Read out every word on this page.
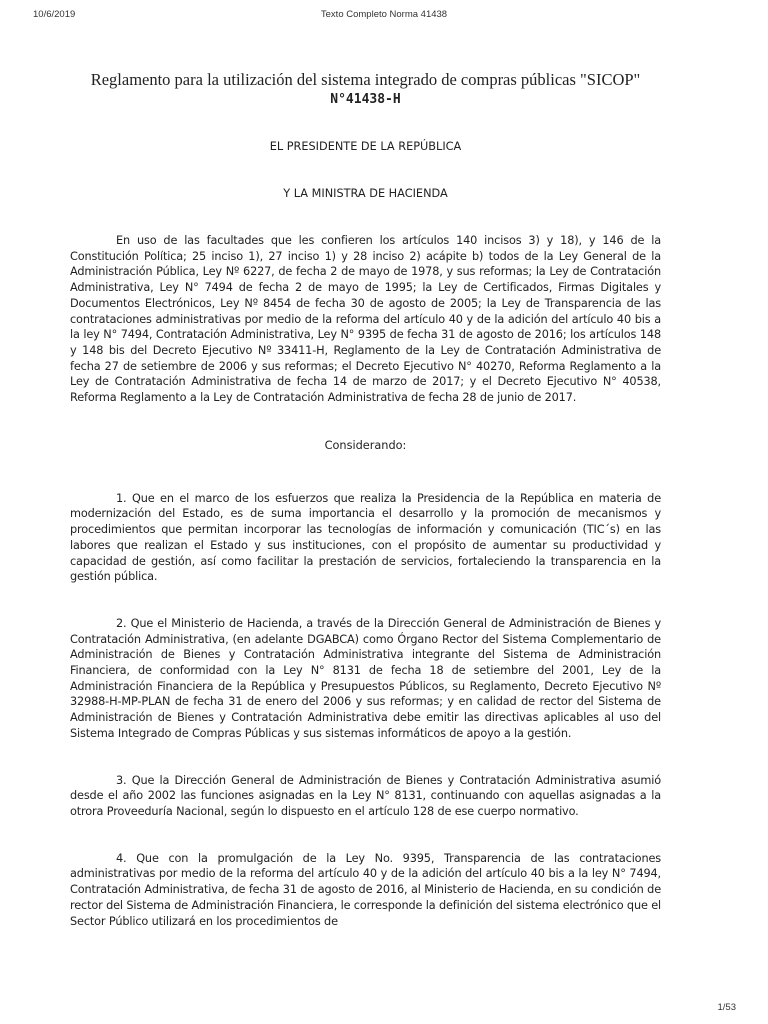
10/6/2019	Texto Completo Norma 41438
Reglamento para la utilización del sistema integrado de compras públicas "SICOP"
N°41438-H

EL PRESIDENTE DE LA REPÚBLICA

Y LA MINISTRA DE HACIENDA

En uso de las facultades que les confieren los artículos 140 incisos 3) y 18), y 146 de la Constitución Política; 25 inciso 1), 27 inciso 1) y 28 inciso 2) acápite b) todos de la Ley General de la Administración Pública, Ley Nº 6227, de fecha 2 de mayo de 1978, y sus reformas; la Ley de Contratación Administrativa, Ley N° 7494 de fecha 2 de mayo de 1995; la Ley de Certificados, Firmas Digitales y Documentos Electrónicos, Ley Nº 8454 de fecha 30 de agosto de 2005; la Ley de Transparencia de las contrataciones administrativas por medio de la reforma del artículo 40 y de la adición del artículo 40 bis a la ley N° 7494, Contratación Administrativa, Ley N° 9395 de fecha 31 de agosto de 2016; los artículos 148 y 148 bis del Decreto Ejecutivo Nº 33411-H, Reglamento de la Ley de Contratación Administrativa de fecha 27 de setiembre de 2006 y sus reformas; el Decreto Ejecutivo N° 40270, Reforma Reglamento a la Ley de Contratación Administrativa de fecha 14 de marzo de 2017; y el Decreto Ejecutivo N° 40538, Reforma Reglamento a la Ley de Contratación Administrativa de fecha 28 de junio de 2017.

Considerando:

1. Que en el marco de los esfuerzos que realiza la Presidencia de la República en materia de modernización del Estado, es de suma importancia el desarrollo y la promoción de mecanismos y procedimientos que permitan incorporar las tecnologías de información y comunicación (TIC´s) en las labores que realizan el Estado y sus instituciones, con el propósito de aumentar su productividad y capacidad de gestión, así como facilitar la prestación de servicios, fortaleciendo la transparencia en la gestión pública.

2. Que el Ministerio de Hacienda, a través de la Dirección General de Administración de Bienes y Contratación Administrativa, (en adelante DGABCA) como Órgano Rector del Sistema Complementario de Administración de Bienes y Contratación Administrativa integrante del Sistema de Administración Financiera, de conformidad con la Ley N° 8131 de fecha 18 de setiembre del 2001, Ley de la Administración Financiera de la República y Presupuestos Públicos, su Reglamento, Decreto Ejecutivo Nº 32988-H-MP-PLAN de fecha 31 de enero del 2006 y sus reformas; y en calidad de rector del Sistema de Administración de Bienes y Contratación Administrativa debe emitir las directivas aplicables al uso del Sistema Integrado de Compras Públicas y sus sistemas informáticos de apoyo a la gestión.

3. Que la Dirección General de Administración de Bienes y Contratación Administrativa asumió desde el año 2002 las funciones asignadas en la Ley N° 8131, continuando con aquellas asignadas a la otrora Proveeduría Nacional, según lo dispuesto en el artículo 128 de ese cuerpo normativo.

4. Que con la promulgación de la Ley No. 9395, Transparencia de las contrataciones administrativas por medio de la reforma del artículo 40 y de la adición del artículo 40 bis a la ley N° 7494, Contratación Administrativa, de fecha 31 de agosto de 2016, al Ministerio de Hacienda, en su condición de rector del Sistema de Administración Financiera, le corresponde la definición del sistema electrónico que el Sector Público utilizará en los procedimientos de

1/53
